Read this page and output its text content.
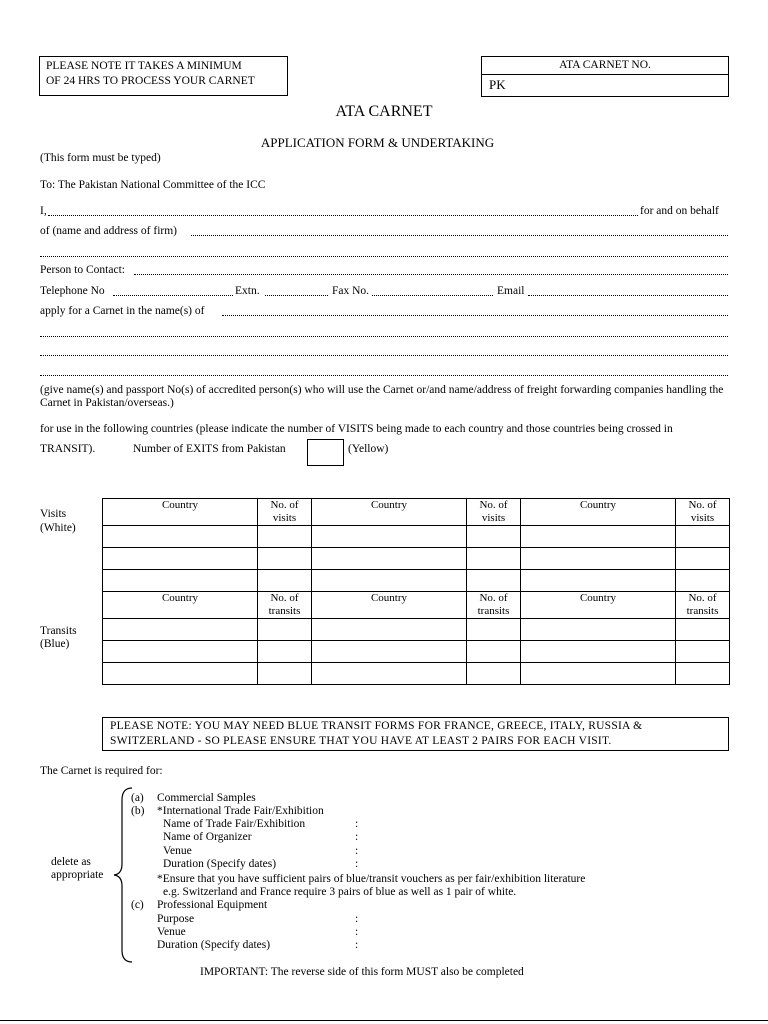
PLEASE NOTE IT TAKES A MINIMUM
OF 24 HRS TO PROCESS YOUR CARNET
ATA CARNET NO.
PK
ATA CARNET
APPLICATION FORM & UNDERTAKING
(This form must be typed)
To: The Pakistan National Committee of the ICC
I,	for and on behalf
of (name and address of firm)
Person to Contact:
Telephone No	Extn.	Fax No.	Email
apply for a Carnet in the name(s) of
(give name(s) and passport No(s) of accredited person(s) who will use the Carnet or/and name/address of freight forwarding companies handling the Carnet in Pakistan/overseas.)
for use in the following countries (please indicate the number of VISITS being made to each country and those countries being crossed in
TRANSIT).	Number of EXITS from Pakistan	(Yellow)
Visits
(White)
Transits
(Blue)
Country	No. of visits	Country	No. of visits	Country	No. of visits

Country	No. of transits	Country	No. of transits	Country	No. of transits

PLEASE NOTE: YOU MAY NEED BLUE TRANSIT FORMS FOR FRANCE, GREECE, ITALY, RUSSIA &
SWITZERLAND - SO PLEASE ENSURE THAT YOU HAVE AT LEAST 2 PAIRS FOR EACH VISIT.
The Carnet is required for:
delete as
appropriate
(a) Commercial Samples
(b) *International Trade Fair/Exhibition
Name of Trade Fair/Exhibition	:
Name of Organizer	:
Venue	:
Duration (Specify dates)	:
*Ensure that you have sufficient pairs of blue/transit vouchers as per fair/exhibition literature
e.g. Switzerland and France require 3 pairs of blue as well as 1 pair of white.
(c) Professional Equipment
Purpose	:
Venue	:
Duration (Specify dates)	:
IMPORTANT: The reverse side of this form MUST also be completed
